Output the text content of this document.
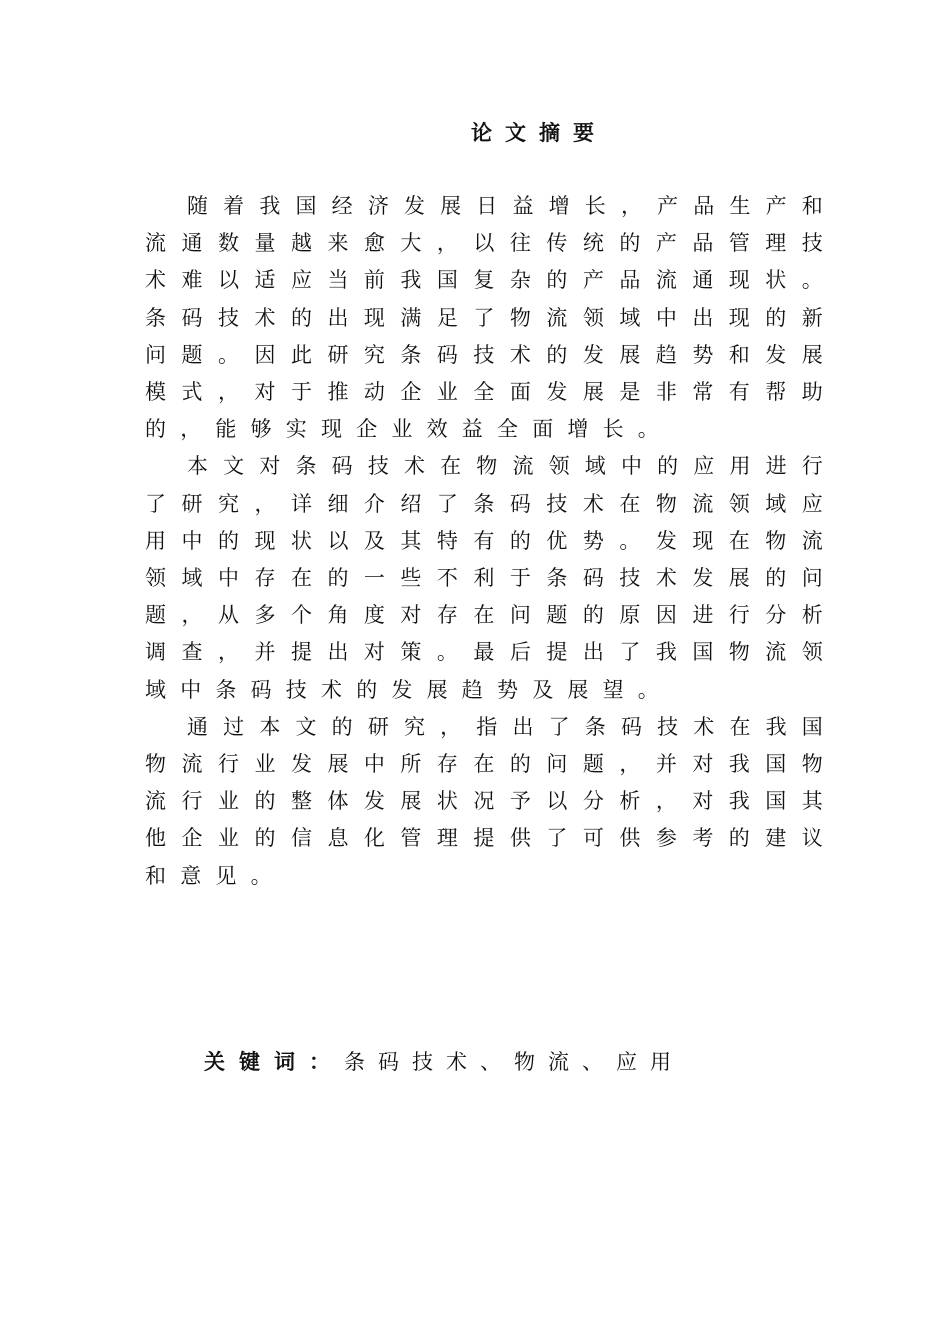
论文摘要

随着我国经济发展日益增长，产品生产和流通数量越来愈大，以往传统的产品管理技术难以适应当前我国复杂的产品流通现状。条码技术的出现满足了物流领域中出现的新问题。因此研究条码技术的发展趋势和发展模式，对于推动企业全面发展是非常有帮助的，能够实现企业效益全面增长。

本文对条码技术在物流领域中的应用进行了研究，详细介绍了条码技术在物流领域应用中的现状以及其特有的优势。发现在物流领域中存在的一些不利于条码技术发展的问题，从多个角度对存在问题的原因进行分析调查，并提出对策。最后提出了我国物流领域中条码技术的发展趋势及展望。

通过本文的研究，指出了条码技术在我国物流行业发展中所存在的问题，并对我国物流行业的整体发展状况予以分析，对我国其他企业的信息化管理提供了可供参考的建议和意见。

关键词：条码技术、物流、应用
